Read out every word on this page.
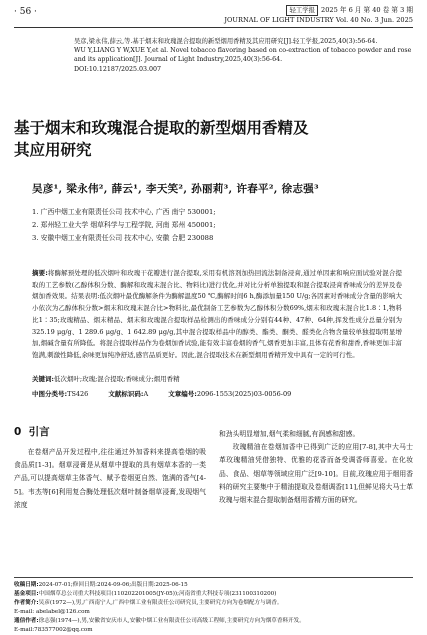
· 56 ·	轻工学报 2025 年 6 月 第 40 卷 第 3 期
JOURNAL OF LIGHT INDUSTRY Vol. 40 No. 3 Jun. 2025

吴彦,梁永伟,薛云,等.基于烟末和玫瑰混合提取的新型烟用香精及其应用研究[J].轻工学报,2025,40(3):56-64.

WU Y,LIANG Y W,XUE Y,et al. Novel tobacco flavoring based on co-extraction of tobacco powder and rose and its application[J]. Journal of Light Industry,2025,40(3):56-64.

DOI:10.12187/2025.03.007

基于烟末和玫瑰混合提取的新型烟用香精及其应用研究
吴彦¹, 梁永伟², 薛云¹, 李天笑², 孙丽莉³, 许春平², 徐志强³
1. 广西中烟工业有限责任公司 技术中心, 广西 南宁 530001;
2. 郑州轻工业大学 烟草科学与工程学院, 河南 郑州 450001;
3. 安徽中烟工业有限责任公司 技术中心, 安徽 合肥 230088
摘要:将酶解预处理的低次烟叶和玫瑰干花瓣进行混合提取,采用有机溶剂加热回流法制备浸膏,通过单因素和响应面试验对混合提取的工艺参数(乙醇体积分数、酶解和玫瑰末混合比、物料比)进行优化,并对比分析单独提取和混合提取浸膏香味成分的差异及卷烟加香效果。结果表明:低次烟叶最优酶解条件为酶解温度50 ℃,酶解时间6 h,酶添加量150 U/g;各因素对香味成分含量的影响大小依次为乙醇体积分数>烟末和玫瑰末混合比>物料比,最优制备工艺参数为乙醇体积分数69%,烟末和玫瑰末混合比1.8∶1,物料比1∶35;玫瑰精品、烟末精品、烟末和玫瑰混合提取样品检测出的香味成分分别有44种、47种、64种,挥发性成分总量分别为325.19 μg/g、1 289.6 μg/g、1 642.89 μg/g,其中混合提取样品中的醇类、酯类、酮类、醛类化合物含量较单独提取明显增加,烟碱含量有所降低。将混合提取样品作为卷烟加香试验,能有效丰富卷烟的香气,烟香更加丰富,且体有花香和甜香,香味更加丰富饱满,刺激性降低,余味更加纯净舒适,感官品质更好。因此,混合提取技术在新型烟用香精开发中具有一定的可行性。
关键词:低次烟叶;玫瑰;混合提取;香味成分;烟用香精
中图分类号:TS426	文献标识码:A	文章编号:2096-1553(2025)03-0056-09
0 引言

在卷烟产品开发过程中,往往通过外加香料来提高卷烟的吸食品质[1-3]。烟草浸膏是从烟草中提取的具有烟草本香的一类产品,可以提高烟草主体香气、赋予卷烟更自然、饱满的香气[4-5]。韦杰等[6]利用复合酶处理低次烟叶制备烟草浸膏,发现烟气浓度

和劲头明显增加,烟气柔和细腻,有润感和甜感。

玫瑰精油在卷烟加香中已得到广泛的应用[7-8],其中大马士革玫瑰精油凭借独特、优雅的花香而备受调香师喜爱。在化妆品、食品、烟草等领域应用广泛[9-10]。目前,玫瑰应用于烟用香料的研究主要集中于精油提取及卷烟调香[11],但鲜见将大马士革玫瑰与烟末混合提取制备烟用香精方面的研究。

收稿日期:2024-07-01;修回日期:2024-09-06;出版日期:2025-06-15
基金项目:中国烟草总公司重大科技项目(110202201005(JY-05));河南省重大科技专项(231100310200)
作者简介:吴彦(1972—),男,广西南宁人,广西中烟工业有限责任公司研究员,主要研究方向为卷烟配方与调香。
E-mail: abelabel@126.com
通信作者:徐志强(1974—),男,安徽省安庆市人,安徽中烟工业有限责任公司高级工程师,主要研究方向为烟草香料开发。
E-mail:783577002@qq.com
